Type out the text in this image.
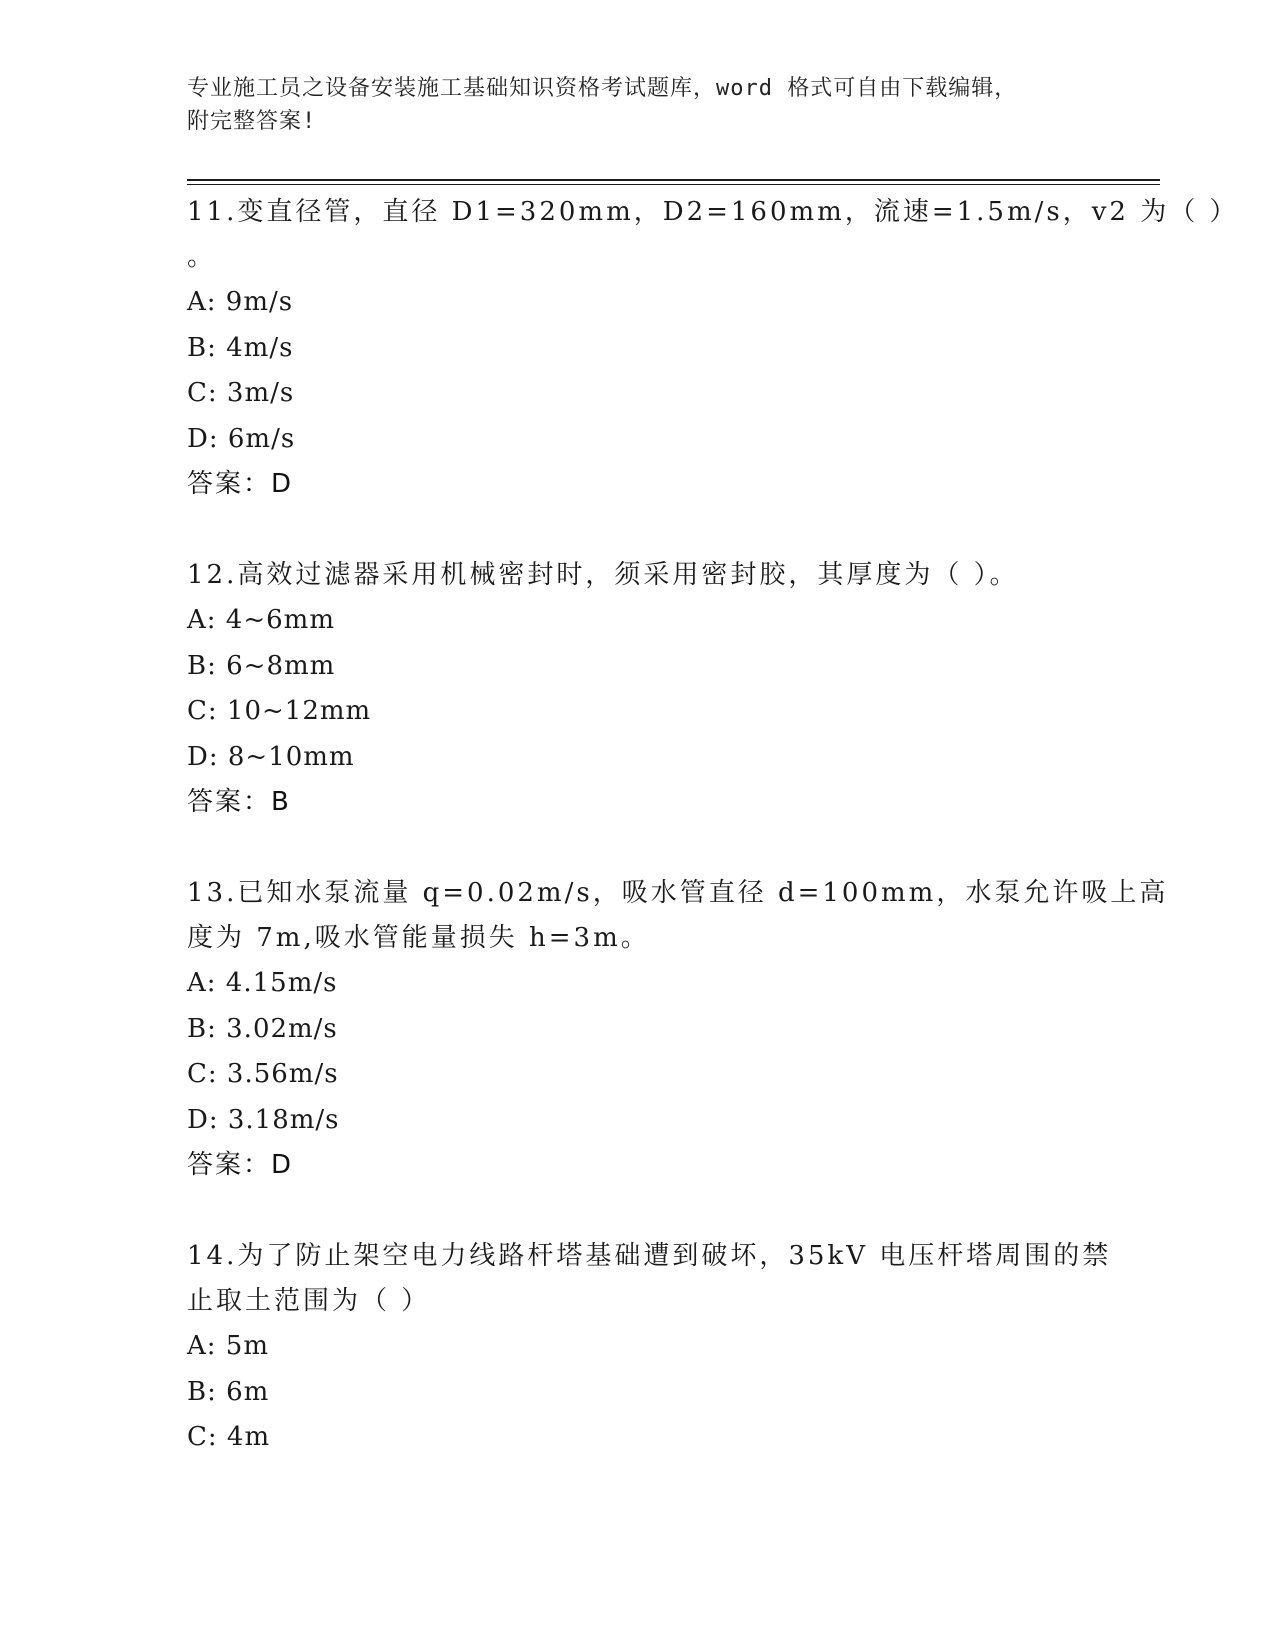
专业施工员之设备安装施工基础知识资格考试题库，word 格式可自由下载编辑，
附完整答案!
11.变直径管，直径 D1=320mm，D2=160mm，流速=1.5m/s，v2 为（ ）
。
A: 9m/s
B: 4m/s
C: 3m/s
D: 6m/s
答案：D
12.高效过滤器采用机械密封时，须采用密封胶，其厚度为（ ）。
A: 4~6mm
B: 6~8mm
C: 10~12mm
D: 8~10mm
答案：B
13.已知水泵流量 q=0.02m/s，吸水管直径 d=100mm，水泵允许吸上高
度为 7m,吸水管能量损失 h=3m。
A: 4.15m/s
B: 3.02m/s
C: 3.56m/s
D: 3.18m/s
答案：D
14.为了防止架空电力线路杆塔基础遭到破坏，35kV 电压杆塔周围的禁
止取土范围为（ ）
A: 5m
B: 6m
C: 4m
